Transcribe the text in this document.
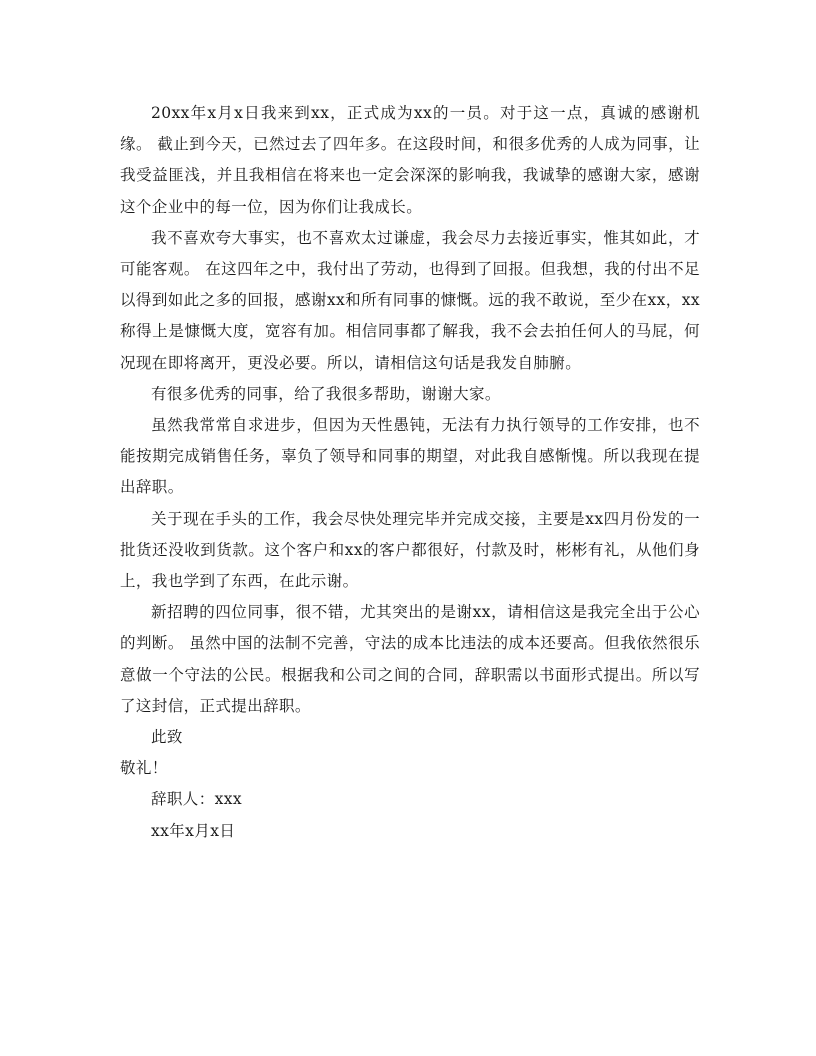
20xx年x月x日我来到xx，正式成为xx的一员。对于这一点，真诚的感谢机缘。 截止到今天，已然过去了四年多。在这段时间，和很多优秀的人成为同事，让我受益匪浅，并且我相信在将来也一定会深深的影响我，我诚挚的感谢大家，感谢这个企业中的每一位，因为你们让我成长。

我不喜欢夸大事实，也不喜欢太过谦虚，我会尽力去接近事实，惟其如此，才可能客观。 在这四年之中，我付出了劳动，也得到了回报。但我想，我的付出不足以得到如此之多的回报，感谢xx和所有同事的慷慨。远的我不敢说，至少在xx，xx称得上是慷慨大度，宽容有加。相信同事都了解我，我不会去拍任何人的马屁，何况现在即将离开，更没必要。所以，请相信这句话是我发自肺腑。

有很多优秀的同事，给了我很多帮助，谢谢大家。

虽然我常常自求进步，但因为天性愚钝，无法有力执行领导的工作安排，也不能按期完成销售任务，辜负了领导和同事的期望，对此我自感惭愧。所以我现在提出辞职。

关于现在手头的工作，我会尽快处理完毕并完成交接，主要是xx四月份发的一批货还没收到货款。这个客户和xx的客户都很好，付款及时，彬彬有礼，从他们身上，我也学到了东西，在此示谢。

新招聘的四位同事，很不错，尤其突出的是谢xx，请相信这是我完全出于公心的判断。 虽然中国的法制不完善，守法的成本比违法的成本还要高。但我依然很乐意做一个守法的公民。根据我和公司之间的合同，辞职需以书面形式提出。所以写了这封信，正式提出辞职。

此致

敬礼！

辞职人：xxx

xx年x月x日
